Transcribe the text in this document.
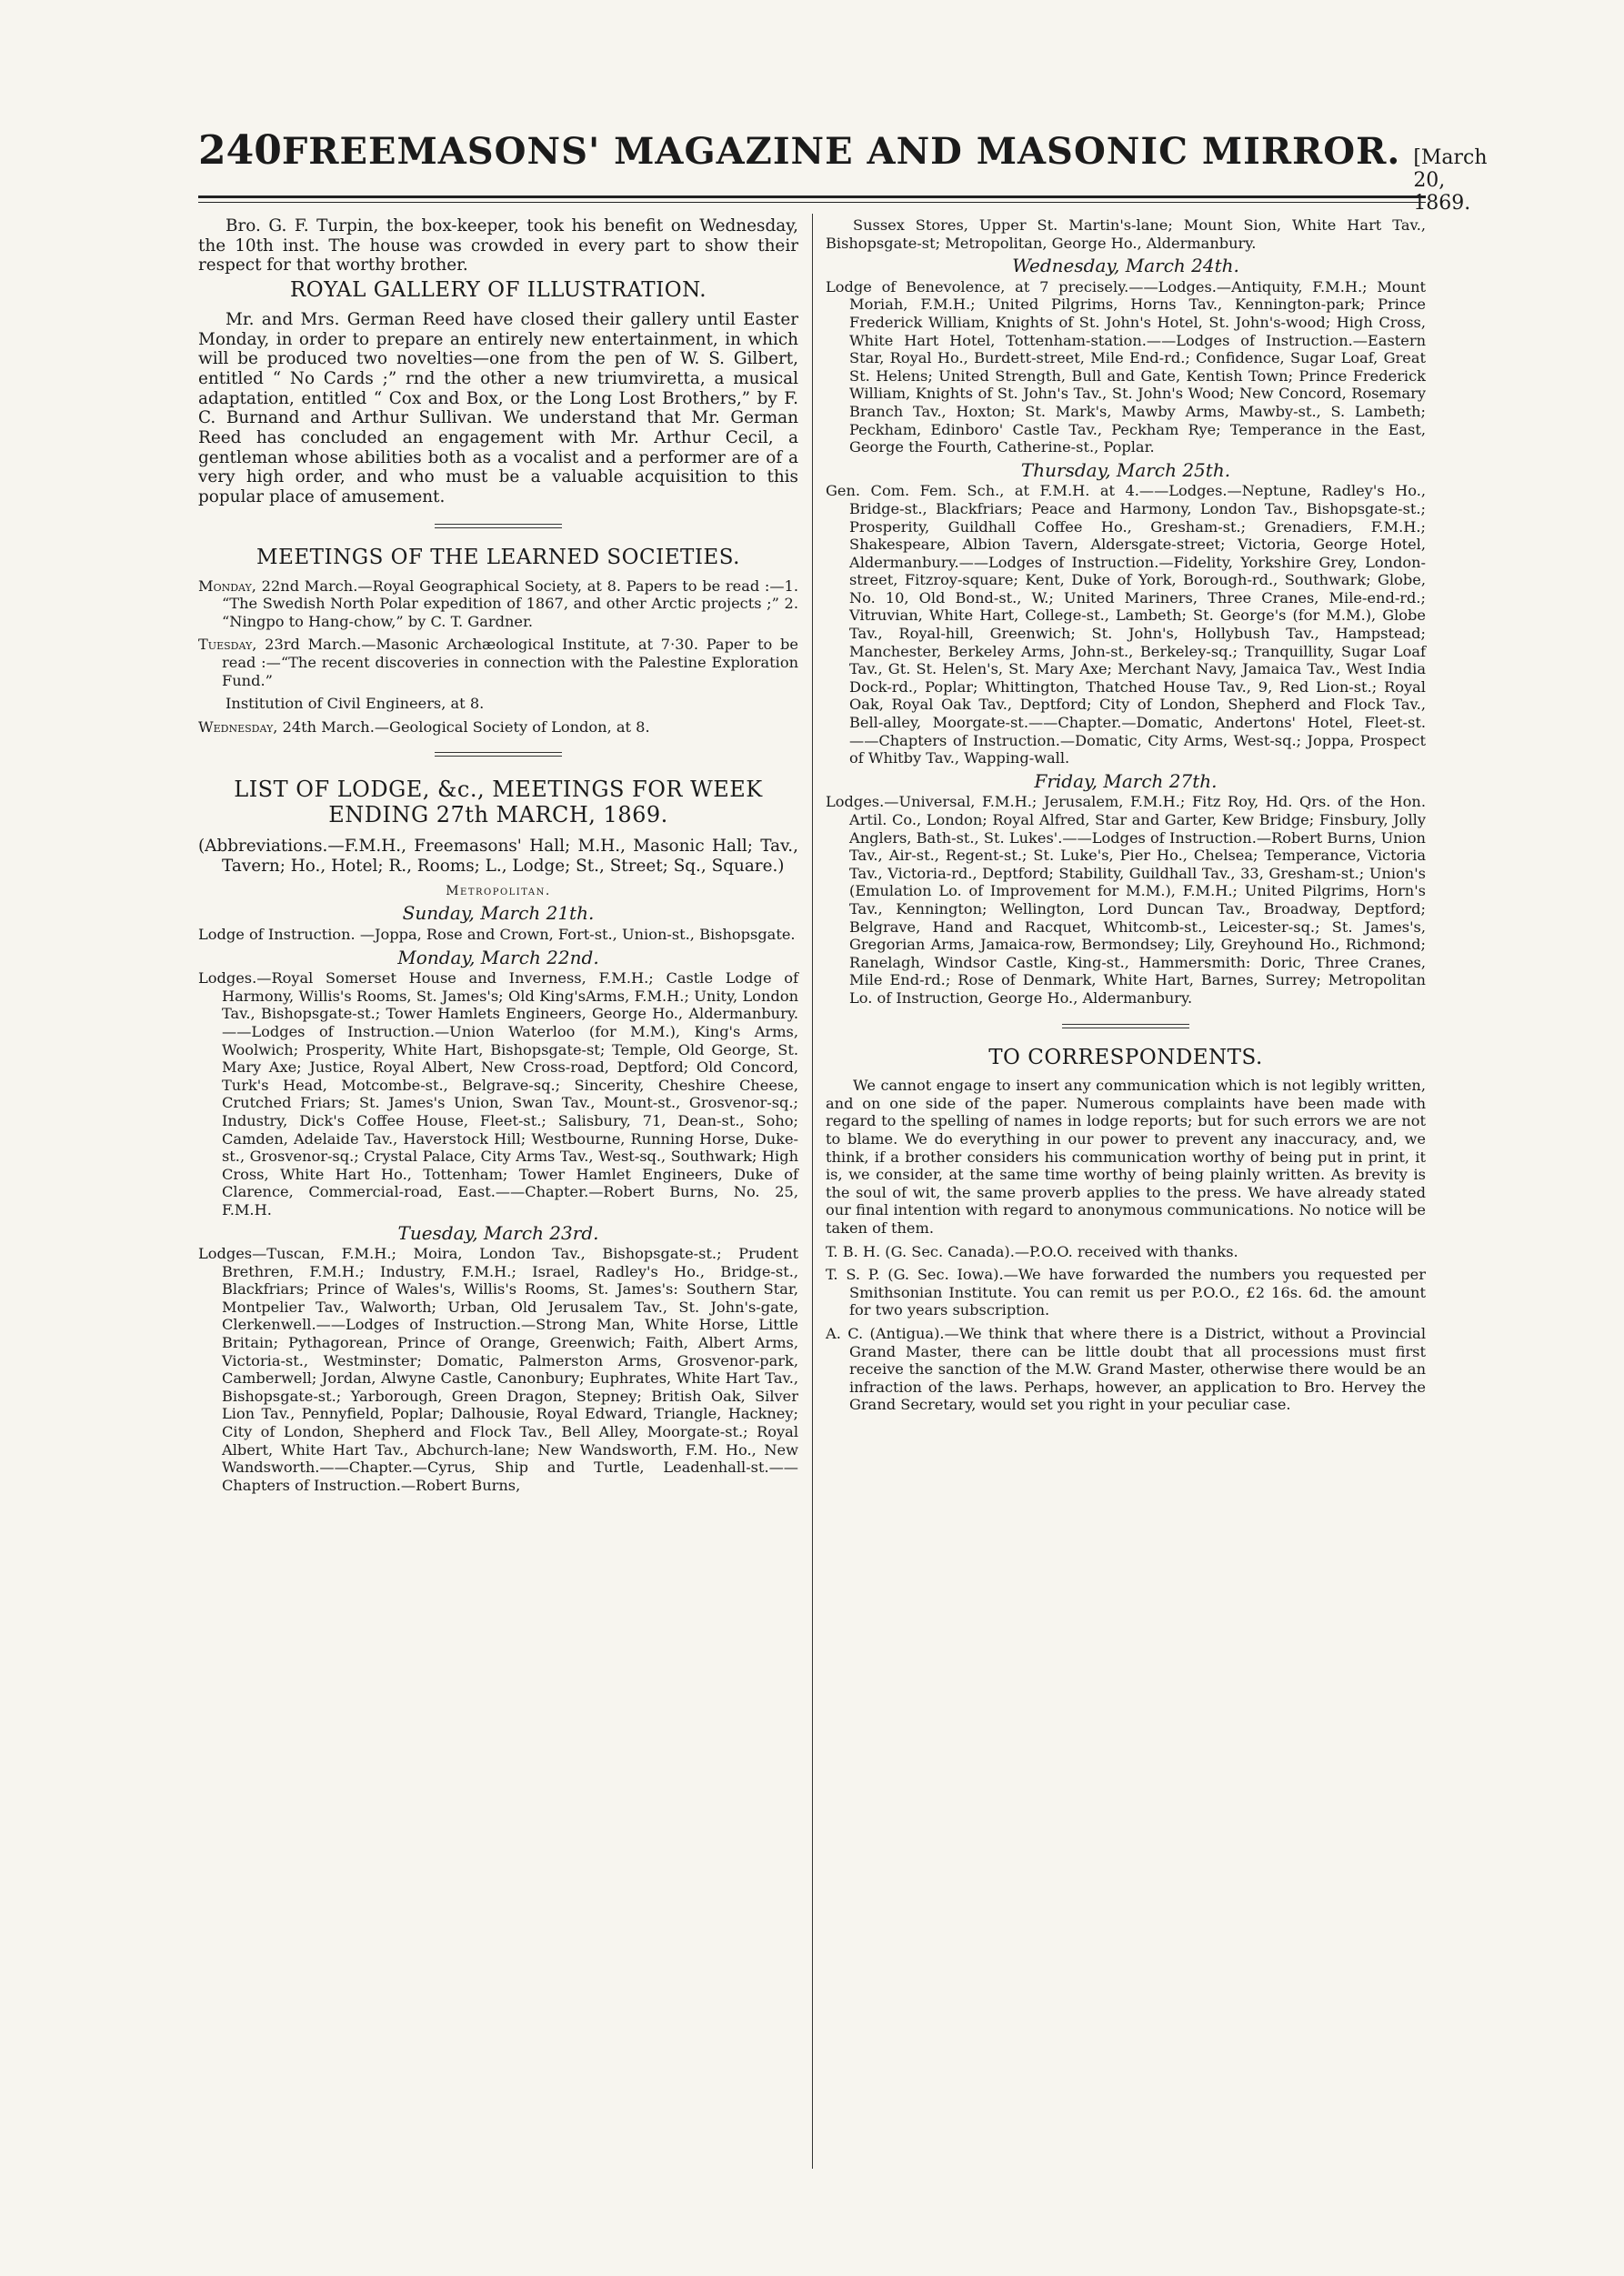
240 FREEMASONS' MAGAZINE AND MASONIC MIRROR. [March 20, 1869.

Bro. G. F. Turpin, the box-keeper, took his benefit on Wednesday, the 10th inst. The house was crowded in every part to show their respect for that worthy brother.

ROYAL GALLERY OF ILLUSTRATION.

Mr. and Mrs. German Reed have closed their gallery until Easter Monday, in order to prepare an entirely new entertainment, in which will be produced two novelties—one from the pen of W. S. Gilbert, entitled “ No Cards ;” rnd the other a new triumviretta, a musical adaptation, entitled “ Cox and Box, or the Long Lost Brothers,” by F. C. Burnand and Arthur Sullivan. We understand that Mr. German Reed has concluded an engagement with Mr. Arthur Cecil, a gentleman whose abilities both as a vocalist and a performer are of a very high order, and who must be a valuable acquisition to this popular place of amusement.

MEETINGS OF THE LEARNED SOCIETIES.

Monday, 22nd March.—Royal Geographical Society, at 8. Papers to be read :—1. “The Swedish North Polar expedition of 1867, and other Arctic projects ;” 2. “Ningpo to Hang-chow,” by C. T. Gardner.

Tuesday, 23rd March.—Masonic Archæological Institute, at 7·30. Paper to be read :—“The recent discoveries in connection with the Palestine Exploration Fund.”

Institution of Civil Engineers, at 8.

Wednesday, 24th March.—Geological Society of London, at 8.

LIST OF LODGE, &c., MEETINGS FOR WEEK ENDING 27th MARCH, 1869.

(Abbreviations.—F.M.H., Freemasons' Hall; M.H., Masonic Hall; Tav., Tavern; Ho., Hotel; R., Rooms; L., Lodge; St., Street; Sq., Square.)

Metropolitan.
Sunday, March 21th.

Lodge of Instruction. —Joppa, Rose and Crown, Fort-st., Union-st., Bishopsgate.

Monday, March 22nd.

Lodges.—Royal Somerset House and Inverness, F.M.H.; Castle Lodge of Harmony, Willis's Rooms, St. James's; Old King'sArms, F.M.H.; Unity, London Tav., Bishopsgate-st.; Tower Hamlets Engineers, George Ho., Aldermanbury.——Lodges of Instruction.—Union Waterloo (for M.M.), King's Arms, Woolwich; Prosperity, White Hart, Bishopsgate-st; Temple, Old George, St. Mary Axe; Justice, Royal Albert, New Cross-road, Deptford; Old Concord, Turk's Head, Motcombe-st., Belgrave-sq.; Sincerity, Cheshire Cheese, Crutched Friars; St. James's Union, Swan Tav., Mount-st., Grosvenor-sq.; Industry, Dick's Coffee House, Fleet-st.; Salisbury, 71, Dean-st., Soho; Camden, Adelaide Tav., Haverstock Hill; Westbourne, Running Horse, Duke-st., Grosvenor-sq.; Crystal Palace, City Arms Tav., West-sq., Southwark; High Cross, White Hart Ho., Tottenham; Tower Hamlet Engineers, Duke of Clarence, Commercial-road, East.——Chapter.—Robert Burns, No. 25, F.M.H.

Tuesday, March 23rd.

Lodges—Tuscan, F.M.H.; Moira, London Tav., Bishopsgate-st.; Prudent Brethren, F.M.H.; Industry, F.M.H.; Israel, Radley's Ho., Bridge-st., Blackfriars; Prince of Wales's, Willis's Rooms, St. James's: Southern Star, Montpelier Tav., Walworth; Urban, Old Jerusalem Tav., St. John's-gate, Clerkenwell.——Lodges of Instruction.—Strong Man, White Horse, Little Britain; Pythagorean, Prince of Orange, Greenwich; Faith, Albert Arms, Victoria-st., Westminster; Domatic, Palmerston Arms, Grosvenor-park, Camberwell; Jordan, Alwyne Castle, Canonbury; Euphrates, White Hart Tav., Bishopsgate-st.; Yarborough, Green Dragon, Stepney; British Oak, Silver Lion Tav., Pennyfield, Poplar; Dalhousie, Royal Edward, Triangle, Hackney; City of London, Shepherd and Flock Tav., Bell Alley, Moorgate-st.; Royal Albert, White Hart Tav., Abchurch-lane; New Wandsworth, F.M. Ho., New Wandsworth.——Chapter.—Cyrus, Ship and Turtle, Leadenhall-st.——Chapters of Instruction.—Robert Burns,

Sussex Stores, Upper St. Martin's-lane; Mount Sion, White Hart Tav., Bishopsgate-st; Metropolitan, George Ho., Aldermanbury.

Wednesday, March 24th.

Lodge of Benevolence, at 7 precisely.——Lodges.—Antiquity, F.M.H.; Mount Moriah, F.M.H.; United Pilgrims, Horns Tav., Kennington-park; Prince Frederick William, Knights of St. John's Hotel, St. John's-wood; High Cross, White Hart Hotel, Tottenham-station.——Lodges of Instruction.—Eastern Star, Royal Ho., Burdett-street, Mile End-rd.; Confidence, Sugar Loaf, Great St. Helens; United Strength, Bull and Gate, Kentish Town; Prince Frederick William, Knights of St. John's Tav., St. John's Wood; New Concord, Rosemary Branch Tav., Hoxton; St. Mark's, Mawby Arms, Mawby-st., S. Lambeth; Peckham, Edinboro' Castle Tav., Peckham Rye; Temperance in the East, George the Fourth, Catherine-st., Poplar.

Thursday, March 25th.

Gen. Com. Fem. Sch., at F.M.H. at 4.——Lodges.—Neptune, Radley's Ho., Bridge-st., Blackfriars; Peace and Harmony, London Tav., Bishopsgate-st.; Prosperity, Guildhall Coffee Ho., Gresham-st.; Grenadiers, F.M.H.; Shakespeare, Albion Tavern, Aldersgate-street; Victoria, George Hotel, Aldermanbury.——Lodges of Instruction.—Fidelity, Yorkshire Grey, London-street, Fitzroy-square; Kent, Duke of York, Borough-rd., Southwark; Globe, No. 10, Old Bond-st., W.; United Mariners, Three Cranes, Mile-end-rd.; Vitruvian, White Hart, College-st., Lambeth; St. George's (for M.M.), Globe Tav., Royal-hill, Greenwich; St. John's, Hollybush Tav., Hampstead; Manchester, Berkeley Arms, John-st., Berkeley-sq.; Tranquillity, Sugar Loaf Tav., Gt. St. Helen's, St. Mary Axe; Merchant Navy, Jamaica Tav., West India Dock-rd., Poplar; Whittington, Thatched House Tav., 9, Red Lion-st.; Royal Oak, Royal Oak Tav., Deptford; City of London, Shepherd and Flock Tav., Bell-alley, Moorgate-st.——Chapter.—Domatic, Andertons' Hotel, Fleet-st.——Chapters of Instruction.—Domatic, City Arms, West-sq.; Joppa, Prospect of Whitby Tav., Wapping-wall.

Friday, March 27th.

Lodges.—Universal, F.M.H.; Jerusalem, F.M.H.; Fitz Roy, Hd. Qrs. of the Hon. Artil. Co., London; Royal Alfred, Star and Garter, Kew Bridge; Finsbury, Jolly Anglers, Bath-st., St. Lukes'.——Lodges of Instruction.—Robert Burns, Union Tav., Air-st., Regent-st.; St. Luke's, Pier Ho., Chelsea; Temperance, Victoria Tav., Victoria-rd., Deptford; Stability, Guildhall Tav., 33, Gresham-st.; Union's (Emulation Lo. of Improvement for M.M.), F.M.H.; United Pilgrims, Horn's Tav., Kennington; Wellington, Lord Duncan Tav., Broadway, Deptford; Belgrave, Hand and Racquet, Whitcomb-st., Leicester-sq.; St. James's, Gregorian Arms, Jamaica-row, Bermondsey; Lily, Greyhound Ho., Richmond; Ranelagh, Windsor Castle, King-st., Hammersmith: Doric, Three Cranes, Mile End-rd.; Rose of Denmark, White Hart, Barnes, Surrey; Metropolitan Lo. of Instruction, George Ho., Aldermanbury.

TO CORRESPONDENTS.

We cannot engage to insert any communication which is not legibly written, and on one side of the paper. Numerous complaints have been made with regard to the spelling of names in lodge reports; but for such errors we are not to blame. We do everything in our power to prevent any inaccuracy, and, we think, if a brother considers his communication worthy of being put in print, it is, we consider, at the same time worthy of being plainly written. As brevity is the soul of wit, the same proverb applies to the press. We have already stated our final intention with regard to anonymous communications. No notice will be taken of them.

T. B. H. (G. Sec. Canada).—P.O.O. received with thanks.

T. S. P. (G. Sec. Iowa).—We have forwarded the numbers you requested per Smithsonian Institute. You can remit us per P.O.O., £2 16s. 6d. the amount for two years subscription.

A. C. (Antigua).—We think that where there is a District, without a Provincial Grand Master, there can be little doubt that all processions must first receive the sanction of the M.W. Grand Master, otherwise there would be an infraction of the laws. Perhaps, however, an application to Bro. Hervey the Grand Secretary, would set you right in your peculiar case.
